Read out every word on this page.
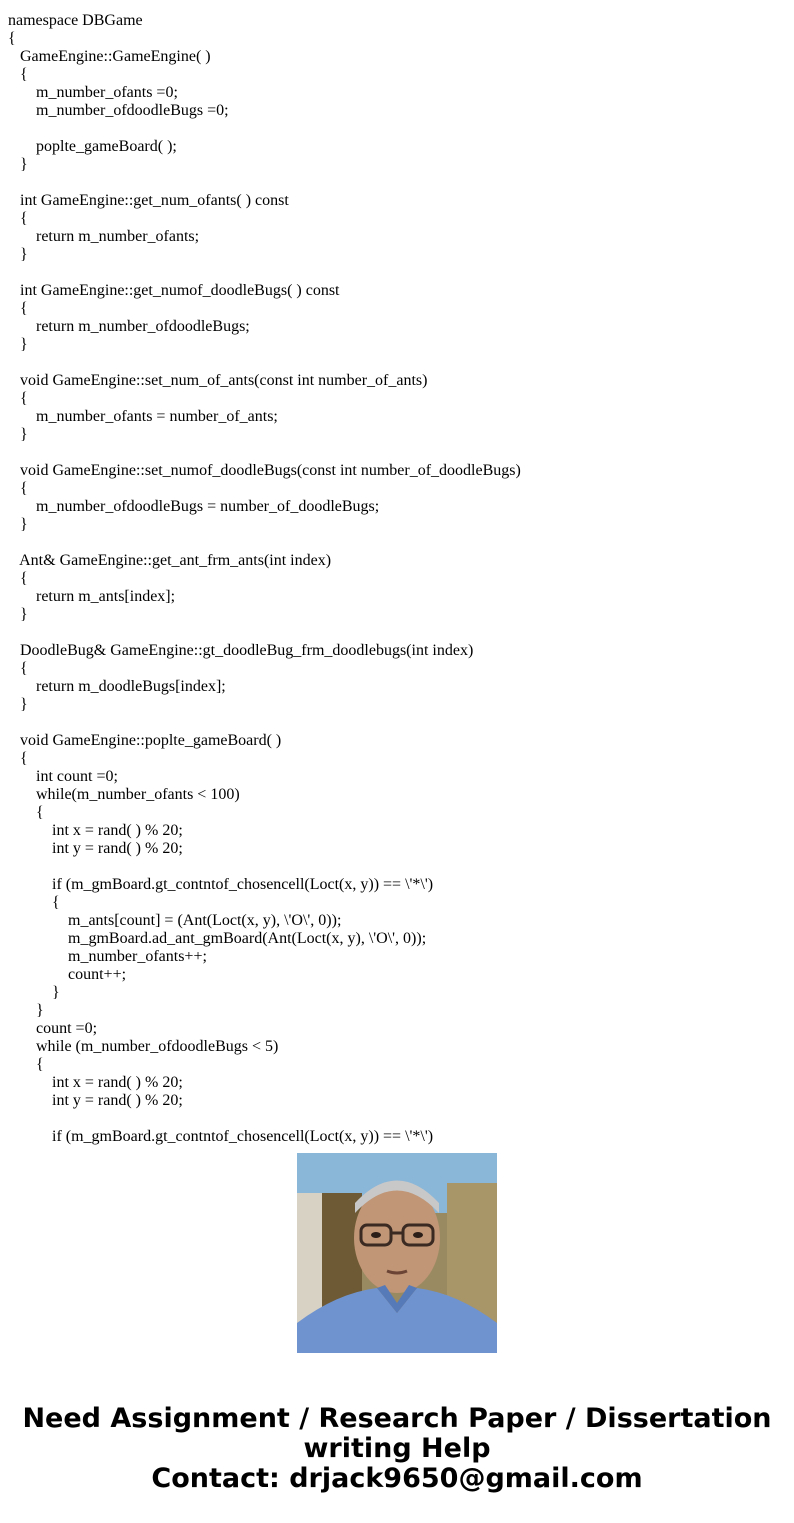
namespace DBGame
{
GameEngine::GameEngine( )
{
m_number_ofants =0;
m_number_ofdoodleBugs =0;
poplte_gameBoard( );
}
int GameEngine::get_num_ofants( ) const
{
return m_number_ofants;
}
int GameEngine::get_numof_doodleBugs( ) const
{
return m_number_ofdoodleBugs;
}
void GameEngine::set_num_of_ants(const int number_of_ants)
{
m_number_ofants = number_of_ants;
}
void GameEngine::set_numof_doodleBugs(const int number_of_doodleBugs)
{
m_number_ofdoodleBugs = number_of_doodleBugs;
}
Ant& GameEngine::get_ant_frm_ants(int index)
{
return m_ants[index];
}
DoodleBug& GameEngine::gt_doodleBug_frm_doodlebugs(int index)
{
return m_doodleBugs[index];
}
void GameEngine::poplte_gameBoard( )
{
int count =0;
while(m_number_ofants < 100)
{
int x = rand( ) % 20;
int y = rand( ) % 20;
if (m_gmBoard.gt_contntof_chosencell(Loct(x, y)) == \'*\')
{
m_ants[count] = (Ant(Loct(x, y), \'O\', 0));
m_gmBoard.ad_ant_gmBoard(Ant(Loct(x, y), \'O\', 0));
m_number_ofants++;
count++;
}
}
count =0;
while (m_number_ofdoodleBugs < 5)
{
int x = rand( ) % 20;
int y = rand( ) % 20;
if (m_gmBoard.gt_contntof_chosencell(Loct(x, y)) == \'*\')
Need Assignment / Research Paper / Dissertation
writing Help
Contact: drjack9650@gmail.com
